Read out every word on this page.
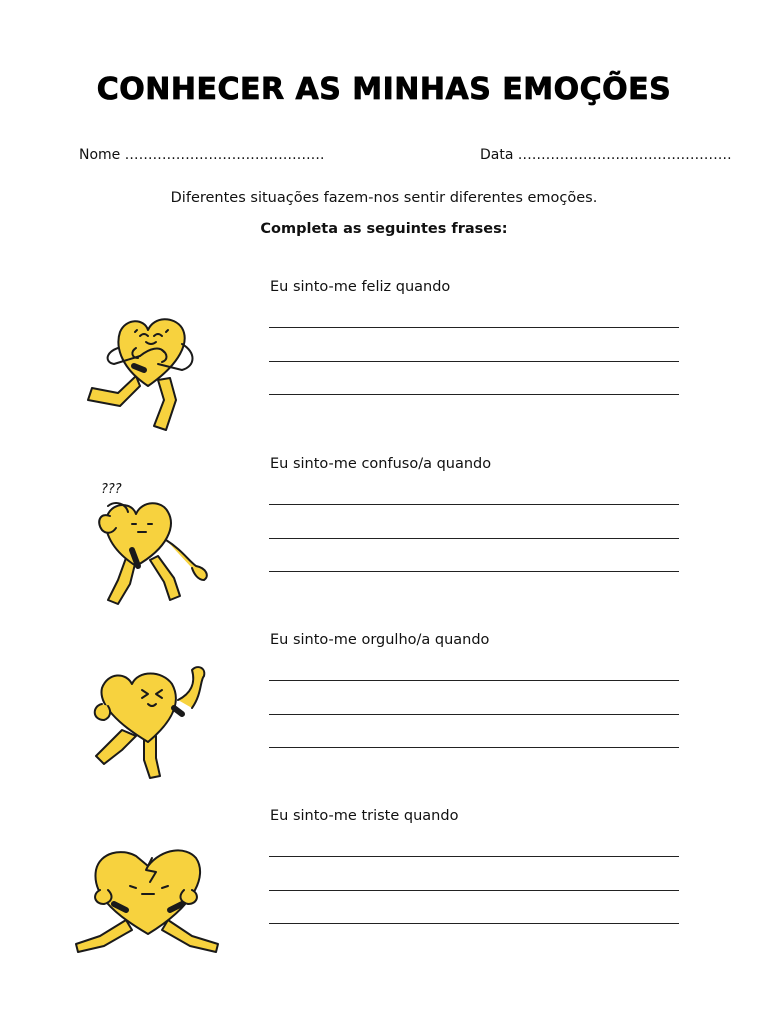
CONHECER AS MINHAS EMOÇÕES
Nome ...........................................	Data ..............................................
Diferentes situações fazem-nos sentir diferentes emoções.
Completa as seguintes frases:
Eu sinto-me feliz quando
Eu sinto-me confuso/a quando
???
Eu sinto-me orgulho/a quando
Eu sinto-me triste quando
